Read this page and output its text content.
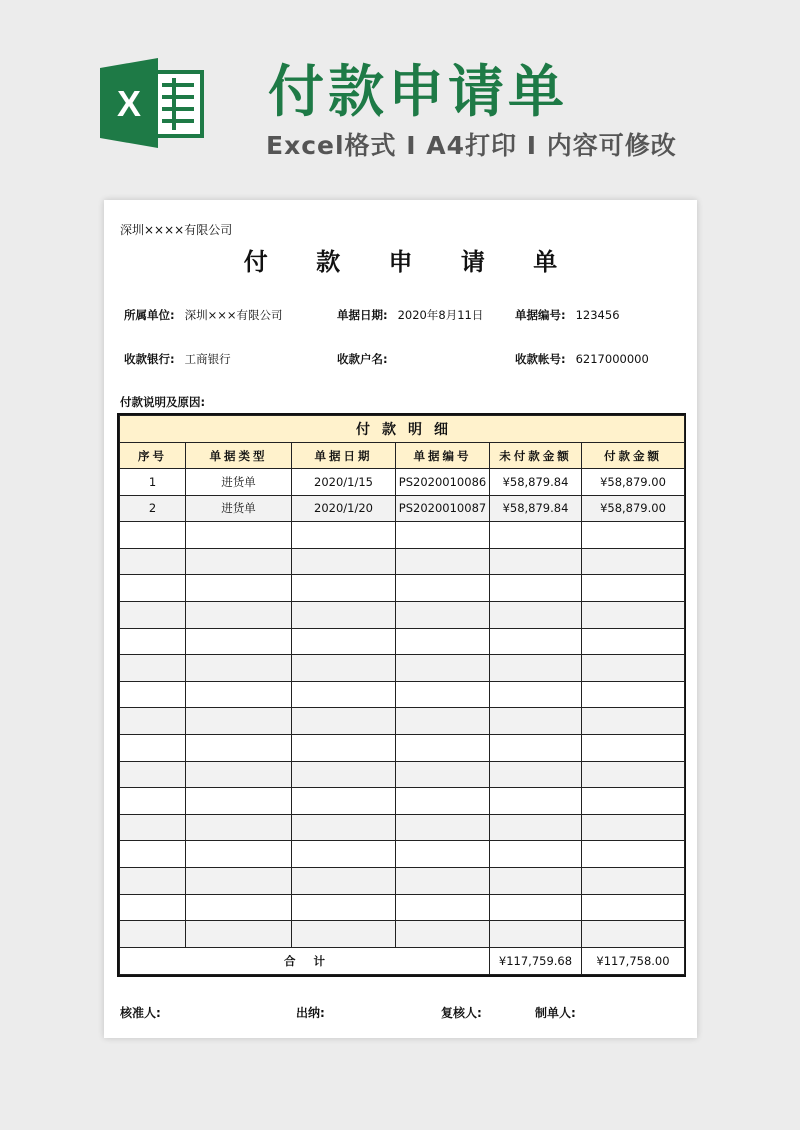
X 付款申请单
Excel格式 I A4打印 I 内容可修改
深圳××××有限公司
付 款 申 请 单
所属单位: 深圳×××有限公司	单据日期: 2020年8月11日	单据编号: 123456
收款银行: 工商银行	收款户名:	收款帐号: 6217000000
付款说明及原因:
付款明细					
序号	单据类型	单据日期	单据编号	未付款金额	付款金额
1	进货单	2020/1/15	PS2020010086	¥58,879.84	¥58,879.00
2	进货单	2020/1/20	PS2020010087	¥58,879.84	¥58,879.00

合计				¥117,759.68	¥117,758.00
核准人:	出纳:	复核人:	制单人:
